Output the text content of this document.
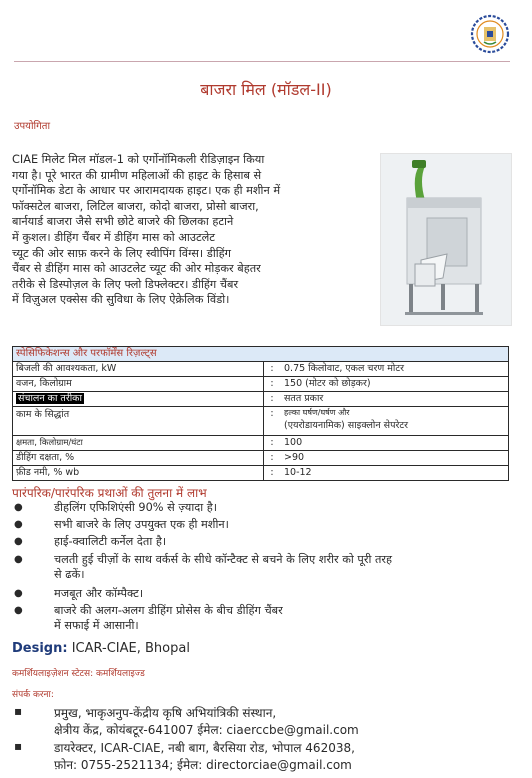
बाजरा मिल (मॉडल-II)
उपयोगिता
CIAE मिलेट मिल मॉडल-1 को एर्गोनॉमिकली रीडिज़ाइन किया
गया है। पूरे भारत की ग्रामीण महिलाओं की हाइट के हिसाब से
एर्गोनॉमिक डेटा के आधार पर आरामदायक हाइट। एक ही मशीन में
फॉक्सटेल बाजरा, लिटिल बाजरा, कोदो बाजरा, प्रोसो बाजरा,
बार्नयार्ड बाजरा जैसे सभी छोटे बाजरे की छिलका हटाने
में कुशल। डीहिंग चैंबर में डीहिंग मास को आउटलेट
च्यूट की ओर साफ़ करने के लिए स्वीपिंग विंग्स। डीहिंग
चैंबर से डीहिंग मास को आउटलेट च्यूट की ओर मोड़कर बेहतर
तरीके से डिस्पोज़ल के लिए फ्लो डिफ्लेक्टर। डीहिंग चैंबर
में विज़ुअल एक्सेस की सुविधा के लिए ऐक्रेलिक विंडो।
स्पेसिफिकेशन्स और परफॉर्मेंस रिज़ल्ट्स
बिजली की आवश्यकता, kW	:	0.75 किलोवाट, एकल चरण मोटर
वजन, किलोग्राम	:	150 (मोटर को छोड़कर)
संचालन का तरीका	:	सतत प्रकार
काम के सिद्धांत	:	हल्का घर्षण/घर्षण और
(एयरोडायनामिक) साइक्लोन सेपरेटर
क्षमता, किलोग्राम/घंटा	:	100
डीहिंग दक्षता, %	:	>90
फ़ीड नमी, % wb	:	10-12
पारंपरिक/पारंपरिक प्रथाओं की तुलना में लाभ
●	डीहलिंग एफिशिएंसी 90% से ज़्यादा है।
●	सभी बाजरे के लिए उपयुक्त एक ही मशीन।
●	हाई-क्वालिटी कर्नेल देता है।
●	चलती हुई चीज़ों के साथ वर्कर्स के सीधे कॉन्टैक्ट से बचने के लिए शरीर को पूरी तरह
से ढकें।
●	मजबूत और कॉम्पैक्ट।
●	बाजरे की अलग-अलग डीहिंग प्रोसेस के बीच डीहिंग चैंबर
में सफाई में आसानी।
Design: ICAR-CIAE, Bhopal
कमर्शियलाइज़ेशन स्टेटस: कमर्शियलाइज्ड
संपर्क करना:
▪	प्रमुख, भाकृअनुप-केंद्रीय कृषि अभियांत्रिकी संस्थान,
क्षेत्रीय केंद्र, कोयंबटूर-641007 ईमेल: ciaerccbe@gmail.com
▪	डायरेक्टर, ICAR-CIAE, नबी बाग, बैरसिया रोड, भोपाल 462038,
फ़ोन: 0755-2521134; ईमेल: directorciae@gmail.com
